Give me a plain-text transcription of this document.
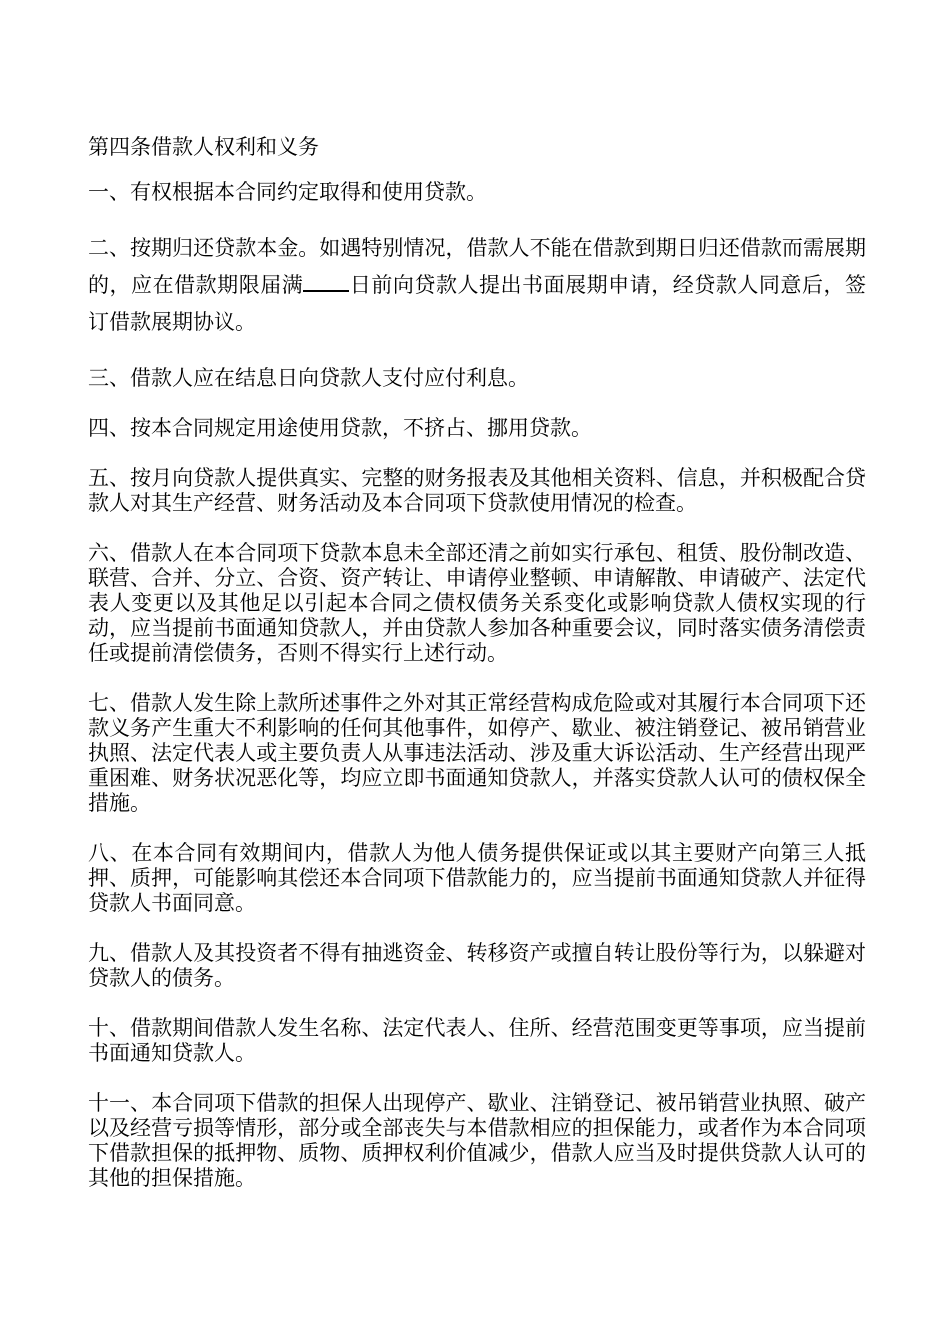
第四条借款人权利和义务

一、有权根据本合同约定取得和使用贷款。

二、按期归还贷款本金。如遇特别情况，借款人不能在借款到期日归还借款而需展期的，应在借款期限届满 日前向贷款人提出书面展期申请，经贷款人同意后，签订借款展期协议。

三、借款人应在结息日向贷款人支付应付利息。

四、按本合同规定用途使用贷款，不挤占、挪用贷款。

五、按月向贷款人提供真实、完整的财务报表及其他相关资料、信息，并积极配合贷款人对其生产经营、财务活动及本合同项下贷款使用情况的检查。

六、借款人在本合同项下贷款本息未全部还清之前如实行承包、租赁、股份制改造、联营、合并、分立、合资、资产转让、申请停业整顿、申请解散、申请破产、法定代表人变更以及其他足以引起本合同之债权债务关系变化或影响贷款人债权实现的行动，应当提前书面通知贷款人，并由贷款人参加各种重要会议，同时落实债务清偿责任或提前清偿债务，否则不得实行上述行动。

七、借款人发生除上款所述事件之外对其正常经营构成危险或对其履行本合同项下还款义务产生重大不利影响的任何其他事件，如停产、歇业、被注销登记、被吊销营业执照、法定代表人或主要负责人从事违法活动、涉及重大诉讼活动、生产经营出现严重困难、财务状况恶化等，均应立即书面通知贷款人，并落实贷款人认可的债权保全措施。

八、在本合同有效期间内，借款人为他人债务提供保证或以其主要财产向第三人抵押、质押，可能影响其偿还本合同项下借款能力的，应当提前书面通知贷款人并征得贷款人书面同意。

九、借款人及其投资者不得有抽逃资金、转移资产或擅自转让股份等行为，以躲避对贷款人的债务。

十、借款期间借款人发生名称、法定代表人、住所、经营范围变更等事项，应当提前书面通知贷款人。

十一、本合同项下借款的担保人出现停产、歇业、注销登记、被吊销营业执照、破产以及经营亏损等情形，部分或全部丧失与本借款相应的担保能力，或者作为本合同项下借款担保的抵押物、质物、质押权利价值减少，借款人应当及时提供贷款人认可的其他的担保措施。
